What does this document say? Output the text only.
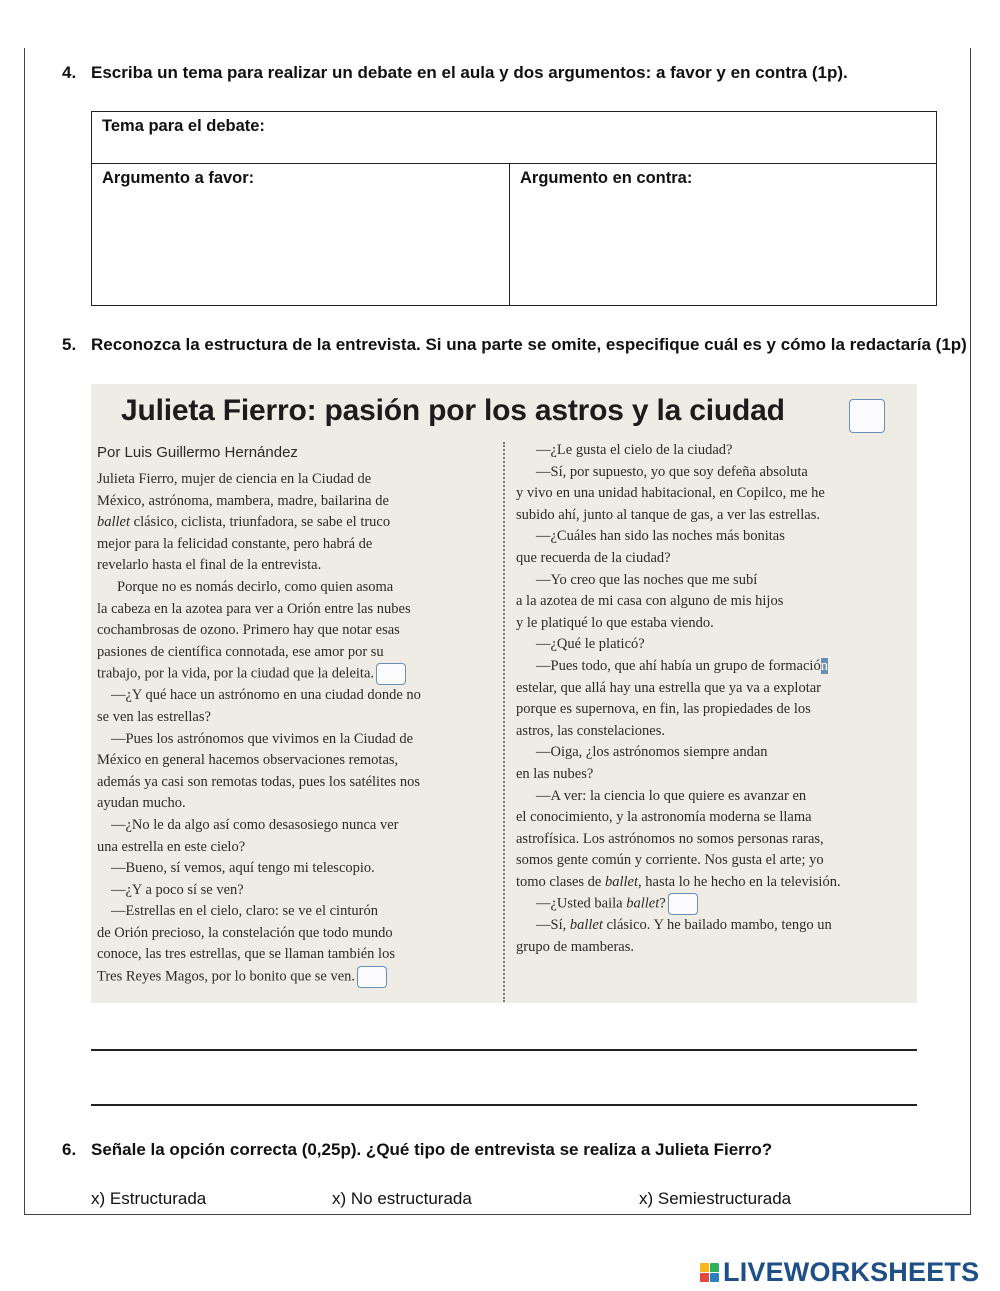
4. Escriba un tema para realizar un debate en el aula y dos argumentos: a favor y en contra (1p).
Tema para el debate:
Argumento a favor:	Argumento en contra:
5. Reconozca la estructura de la entrevista. Si una parte se omite, especifique cuál es y cómo la redactaría (1p)
Julieta Fierro: pasión por los astros y la ciudad
Por Luis Guillermo Hernández
Julieta Fierro, mujer de ciencia en la Ciudad de
México, astrónoma, mambera, madre, bailarina de
ballet clásico, ciclista, triunfadora, se sabe el truco
mejor para la felicidad constante, pero habrá de
revelarlo hasta el final de la entrevista.
Porque no es nomás decirlo, como quien asoma
la cabeza en la azotea para ver a Orión entre las nubes
cochambrosas de ozono. Primero hay que notar esas
pasiones de científica connotada, ese amor por su
trabajo, por la vida, por la ciudad que la deleita.
—¿Y qué hace un astrónomo en una ciudad donde no
se ven las estrellas?
—Pues los astrónomos que vivimos en la Ciudad de
México en general hacemos observaciones remotas,
además ya casi son remotas todas, pues los satélites nos
ayudan mucho.
—¿No le da algo así como desasosiego nunca ver
una estrella en este cielo?
—Bueno, sí vemos, aquí tengo mi telescopio.
—¿Y a poco sí se ven?
—Estrellas en el cielo, claro: se ve el cinturón
de Orión precioso, la constelación que todo mundo
conoce, las tres estrellas, que se llaman también los
Tres Reyes Magos, por lo bonito que se ven.
—¿Le gusta el cielo de la ciudad?
—Sí, por supuesto, yo que soy defeña absoluta
y vivo en una unidad habitacional, en Copilco, me he
subido ahí, junto al tanque de gas, a ver las estrellas.
—¿Cuáles han sido las noches más bonitas
que recuerda de la ciudad?
—Yo creo que las noches que me subí
a la azotea de mi casa con alguno de mis hijos
y le platiqué lo que estaba viendo.
—¿Qué le platicó?
—Pues todo, que ahí había un grupo de formación
estelar, que allá hay una estrella que ya va a explotar
porque es supernova, en fin, las propiedades de los
astros, las constelaciones.
—Oiga, ¿los astrónomos siempre andan
en las nubes?
—A ver: la ciencia lo que quiere es avanzar en
el conocimiento, y la astronomía moderna se llama
astrofísica. Los astrónomos no somos personas raras,
somos gente común y corriente. Nos gusta el arte; yo
tomo clases de ballet, hasta lo he hecho en la televisión.
—¿Usted baila ballet?
—Sí, ballet clásico. Y he bailado mambo, tengo un
grupo de mamberas.
6. Señale la opción correcta (0,25p). ¿Qué tipo de entrevista se realiza a Julieta Fierro?
x) Estructurada	x) No estructurada	x) Semiestructurada
LIVEWORKSHEETS
